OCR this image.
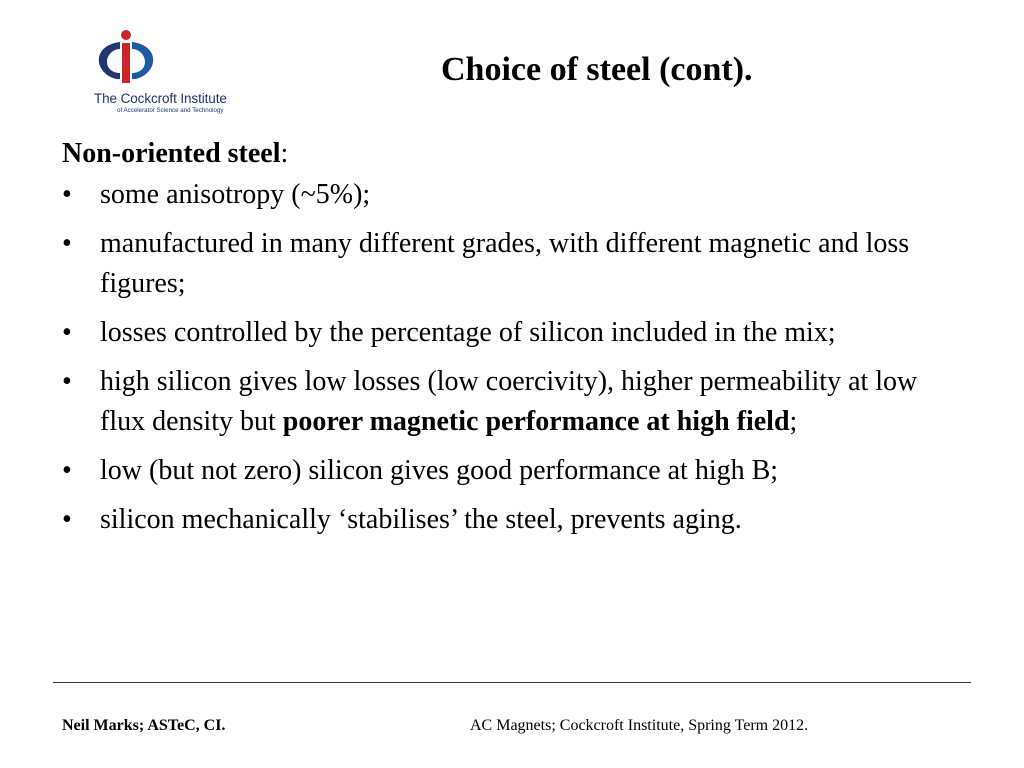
The Cockcroft Institute
of Accelerator Science and Technology
Choice of steel (cont).

Non-oriented steel:

•	some anisotropy (~5%);
•	manufactured in many different grades, with different magnetic and loss figures;
•	losses controlled by the percentage of silicon included in the mix;
•	high silicon gives low losses (low coercivity), higher permeability at low flux density but poorer magnetic performance at high field;
•	low (but not zero) silicon gives good performance at high B;
•	silicon mechanically ‘stabilises’ the steel, prevents aging.
Neil Marks; ASTeC, CI.	AC Magnets; Cockcroft Institute, Spring Term 2012.
